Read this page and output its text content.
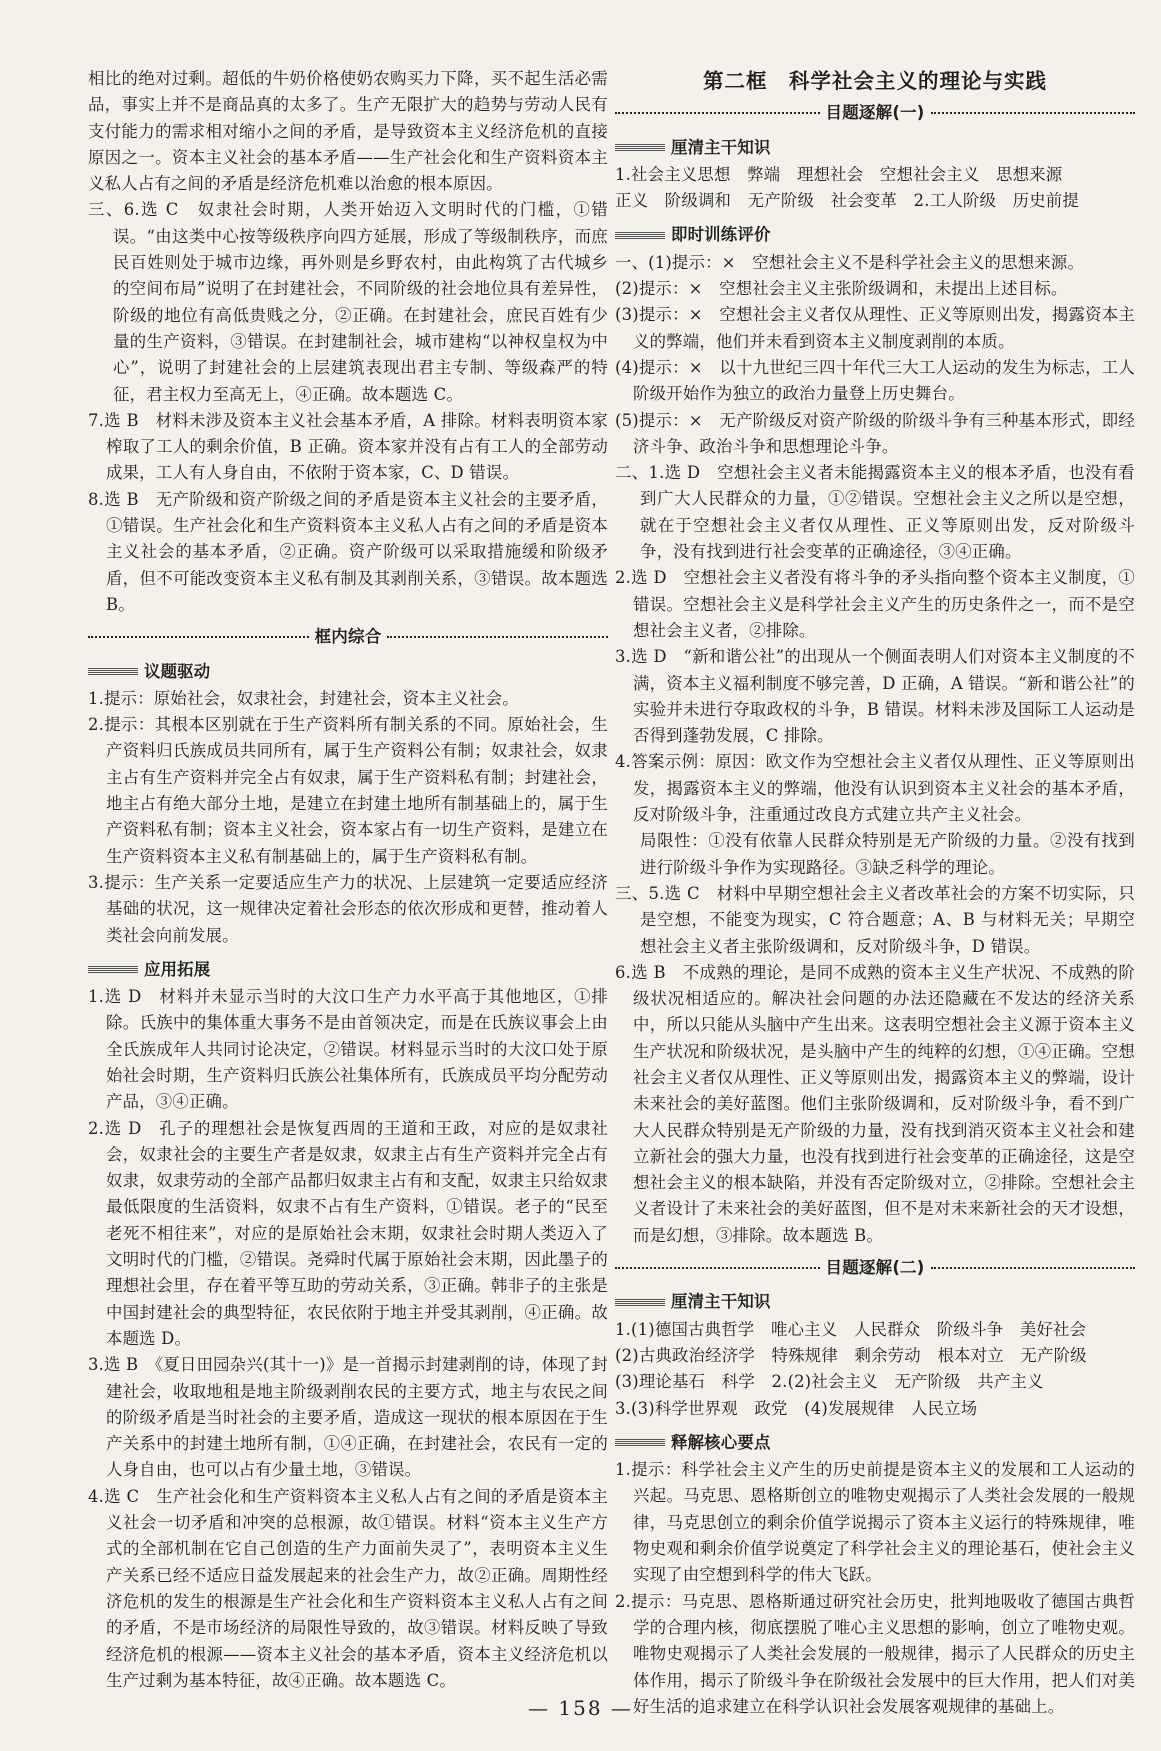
相比的绝对过剩。超低的牛奶价格使奶农购买力下降，买不起生活必需品，事实上并不是商品真的太多了。生产无限扩大的趋势与劳动人民有支付能力的需求相对缩小之间的矛盾，是导致资本主义经济危机的直接原因之一。资本主义社会的基本矛盾——生产社会化和生产资料资本主义私人占有之间的矛盾是经济危机难以治愈的根本原因。

三、6.选 C　奴隶社会时期，人类开始迈入文明时代的门槛，①错误。“由这类中心按等级秩序向四方延展，形成了等级制秩序，而庶民百姓则处于城市边缘，再外则是乡野农村，由此构筑了古代城乡的空间布局”说明了在封建社会，不同阶级的社会地位具有差异性，阶级的地位有高低贵贱之分，②正确。在封建社会，庶民百姓有少量的生产资料，③错误。在封建制社会，城市建构“以神权皇权为中心”，说明了封建社会的上层建筑表现出君主专制、等级森严的特征，君主权力至高无上，④正确。故本题选 C。

7.选 B　材料未涉及资本主义社会基本矛盾，A 排除。材料表明资本家榨取了工人的剩余价值，B 正确。资本家并没有占有工人的全部劳动成果，工人有人身自由，不依附于资本家，C、D 错误。

8.选 B　无产阶级和资产阶级之间的矛盾是资本主义社会的主要矛盾，①错误。生产社会化和生产资料资本主义私人占有之间的矛盾是资本主义社会的基本矛盾，②正确。资产阶级可以采取措施缓和阶级矛盾，但不可能改变资本主义私有制及其剥削关系，③错误。故本题选 B。

框内综合
议题驱动

1.提示：原始社会，奴隶社会，封建社会，资本主义社会。

2.提示：其根本区别就在于生产资料所有制关系的不同。原始社会，生产资料归氏族成员共同所有，属于生产资料公有制；奴隶社会，奴隶主占有生产资料并完全占有奴隶，属于生产资料私有制；封建社会，地主占有绝大部分土地，是建立在封建土地所有制基础上的，属于生产资料私有制；资本主义社会，资本家占有一切生产资料，是建立在生产资料资本主义私有制基础上的，属于生产资料私有制。

3.提示：生产关系一定要适应生产力的状况、上层建筑一定要适应经济基础的状况，这一规律决定着社会形态的依次形成和更替，推动着人类社会向前发展。

应用拓展

1.选 D　材料并未显示当时的大汶口生产力水平高于其他地区，①排除。氏族中的集体重大事务不是由首领决定，而是在氏族议事会上由全氏族成年人共同讨论决定，②错误。材料显示当时的大汶口处于原始社会时期，生产资料归氏族公社集体所有，氏族成员平均分配劳动产品，③④正确。

2.选 D　孔子的理想社会是恢复西周的王道和王政，对应的是奴隶社会，奴隶社会的主要生产者是奴隶，奴隶主占有生产资料并完全占有奴隶，奴隶劳动的全部产品都归奴隶主占有和支配，奴隶主只给奴隶最低限度的生活资料，奴隶不占有生产资料，①错误。老子的“民至老死不相往来”，对应的是原始社会末期，奴隶社会时期人类迈入了文明时代的门槛，②错误。尧舜时代属于原始社会末期，因此墨子的理想社会里，存在着平等互助的劳动关系，③正确。韩非子的主张是中国封建社会的典型特征，农民依附于地主并受其剥削，④正确。故本题选 D。

3.选 B　《夏日田园杂兴(其十一)》是一首揭示封建剥削的诗，体现了封建社会，收取地租是地主阶级剥削农民的主要方式，地主与农民之间的阶级矛盾是当时社会的主要矛盾，造成这一现状的根本原因在于生产关系中的封建土地所有制，①④正确，在封建社会，农民有一定的人身自由，也可以占有少量土地，③错误。

4.选 C　生产社会化和生产资料资本主义私人占有之间的矛盾是资本主义社会一切矛盾和冲突的总根源，故①错误。材料“资本主义生产方式的全部机制在它自己创造的生产力面前失灵了”，表明资本主义生产关系已经不适应日益发展起来的社会生产力，故②正确。周期性经济危机的发生的根源是生产社会化和生产资料资本主义私人占有之间的矛盾，不是市场经济的局限性导致的，故③错误。材料反映了导致经济危机的根源——资本主义社会的基本矛盾，资本主义经济危机以生产过剩为基本特征，故④正确。故本题选 C。

第二框　科学社会主义的理论与实践
目题逐解(一)
厘清主干知识

1.社会主义思想　弊端　理想社会　空想社会主义　思想来源

正义　阶级调和　无产阶级　社会变革　2.工人阶级　历史前提

即时训练评价

一、(1)提示：×　空想社会主义不是科学社会主义的思想来源。

(2)提示：×　空想社会主义主张阶级调和，未提出上述目标。

(3)提示：×　空想社会主义者仅从理性、正义等原则出发，揭露资本主义的弊端，他们并未看到资本主义制度剥削的本质。

(4)提示：×　以十九世纪三四十年代三大工人运动的发生为标志，工人阶级开始作为独立的政治力量登上历史舞台。

(5)提示：×　无产阶级反对资产阶级的阶级斗争有三种基本形式，即经济斗争、政治斗争和思想理论斗争。

二、1.选 D　空想社会主义者未能揭露资本主义的根本矛盾，也没有看到广大人民群众的力量，①②错误。空想社会主义之所以是空想，就在于空想社会主义者仅从理性、正义等原则出发，反对阶级斗争，没有找到进行社会变革的正确途径，③④正确。

2.选 D　空想社会主义者没有将斗争的矛头指向整个资本主义制度，①错误。空想社会主义是科学社会主义产生的历史条件之一，而不是空想社会主义者，②排除。

3.选 D　“新和谐公社”的出现从一个侧面表明人们对资本主义制度的不满，资本主义福利制度不够完善，D 正确，A 错误。“新和谐公社”的实验并未进行夺取政权的斗争，B 错误。材料未涉及国际工人运动是否得到蓬勃发展，C 排除。

4.答案示例：原因：欧文作为空想社会主义者仅从理性、正义等原则出发，揭露资本主义的弊端，他没有认识到资本主义社会的基本矛盾，反对阶级斗争，注重通过改良方式建立共产主义社会。

局限性：①没有依靠人民群众特别是无产阶级的力量。②没有找到进行阶级斗争作为实现路径。③缺乏科学的理论。

三、5.选 C　材料中早期空想社会主义者改革社会的方案不切实际，只是空想，不能变为现实，C 符合题意；A、B 与材料无关；早期空想社会主义者主张阶级调和，反对阶级斗争，D 错误。

6.选 B　不成熟的理论，是同不成熟的资本主义生产状况、不成熟的阶级状况相适应的。解决社会问题的办法还隐藏在不发达的经济关系中，所以只能从头脑中产生出来。这表明空想社会主义源于资本主义生产状况和阶级状况，是头脑中产生的纯粹的幻想，①④正确。空想社会主义者仅从理性、正义等原则出发，揭露资本主义的弊端，设计未来社会的美好蓝图。他们主张阶级调和，反对阶级斗争，看不到广大人民群众特别是无产阶级的力量，没有找到消灭资本主义社会和建立新社会的强大力量，也没有找到进行社会变革的正确途径，这是空想社会主义的根本缺陷，并没有否定阶级对立，②排除。空想社会主义者设计了未来社会的美好蓝图，但不是对未来新社会的天才设想，而是幻想，③排除。故本题选 B。

目题逐解(二)
厘清主干知识

1.(1)德国古典哲学　唯心主义　人民群众　阶级斗争　美好社会

(2)古典政治经济学　特殊规律　剩余劳动　根本对立　无产阶级

(3)理论基石　科学　2.(2)社会主义　无产阶级　共产主义

3.(3)科学世界观　政党　(4)发展规律　人民立场

释解核心要点

1.提示：科学社会主义产生的历史前提是资本主义的发展和工人运动的兴起。马克思、恩格斯创立的唯物史观揭示了人类社会发展的一般规律，马克思创立的剩余价值学说揭示了资本主义运行的特殊规律，唯物史观和剩余价值学说奠定了科学社会主义的理论基石，使社会主义实现了由空想到科学的伟大飞跃。

2.提示：马克思、恩格斯通过研究社会历史，批判地吸收了德国古典哲学的合理内核，彻底摆脱了唯心主义思想的影响，创立了唯物史观。唯物史观揭示了人类社会发展的一般规律，揭示了人民群众的历史主体作用，揭示了阶级斗争在阶级社会发展中的巨大作用，把人们对美好生活的追求建立在科学认识社会发展客观规律的基础上。

— 158 —
